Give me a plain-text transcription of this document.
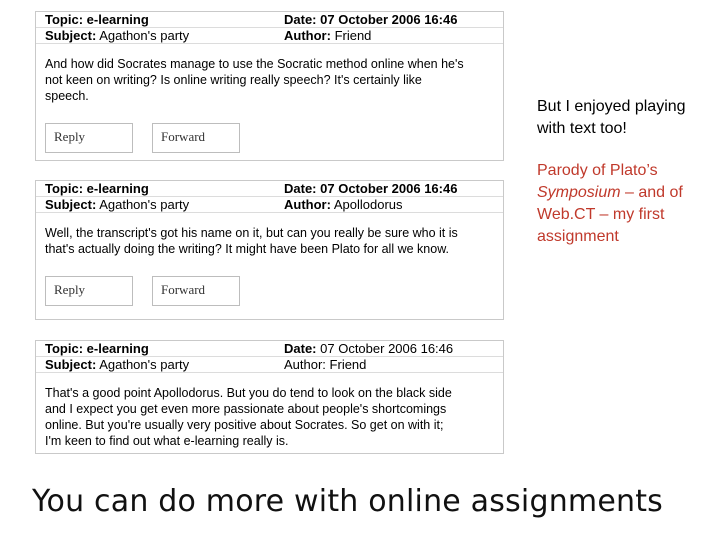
Topic: e-learning	Date: 07 October 2006 16:46
Subject: Agathon's party	Author: Friend
And how did Socrates manage to use the Socratic method online when he's
not keen on writing? Is online writing really speech? It's certainly like
speech.
Reply	Forward
Topic: e-learning	Date: 07 October 2006 16:46
Subject: Agathon's party	Author: Apollodorus
Well, the transcript's got his name on it, but can you really be sure who it is
that's actually doing the writing? It might have been Plato for all we know.
Reply	Forward
Topic: e-learning	Date: 07 October 2006 16:46
Subject: Agathon's party	Author: Friend
That's a good point Apollodorus. But you do tend to look on the black side
and I expect you get even more passionate about people's shortcomings
online. But you're usually very positive about Socrates. So get on with it;
I'm keen to find out what e-learning really is.
But I enjoyed playing
with text too!
Parody of Plato’s
Symposium – and of
Web.CT – my first
assignment
You can do more with online assignments
